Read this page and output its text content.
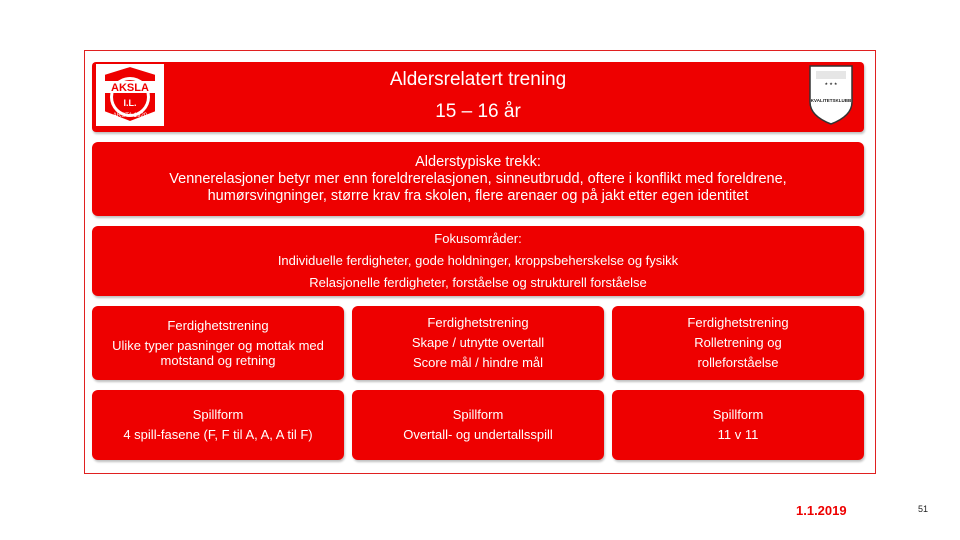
Aldersrelatert trening
15 – 16 år
AKSLA
I.L.
ARSTA 1920
★ ★ ★
KVALITETSKLUBB
Alderstypiske trekk:
Vennerelasjoner betyr mer enn foreldrerelasjonen, sinneutbrudd, oftere i konflikt med foreldrene,
humørsvingninger, større krav fra skolen, flere arenaer og på jakt etter egen identitet
Fokusområder:
Individuelle ferdigheter, gode holdninger, kroppsbeherskelse og fysikk
Relasjonelle ferdigheter, forståelse og strukturell forståelse
Ferdighetstrening
Ulike typer pasninger og mottak med motstand og retning
Ferdighetstrening
Skape / utnytte overtall
Score mål / hindre mål
Ferdighetstrening
Rolletrening og
rolleforståelse
Spillform
4 spill-fasene (F, F til A, A, A til F)
Spillform
Overtall- og undertallsspill
Spillform
11 v 11
1.1.2019	51
